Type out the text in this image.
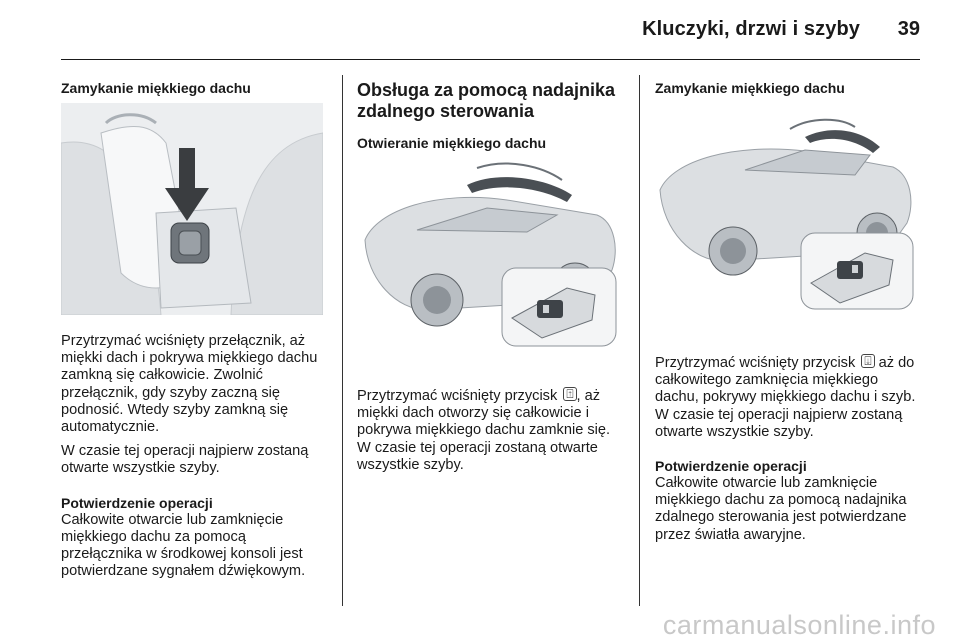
Kluczyki, drzwi i szyby	39
Zamykanie miękkiego dachu

Przytrzymać wciśnięty przełącznik, aż miękki dach i pokrywa miękkiego dachu zamkną się całkowicie. Zwolnić przełącznik, gdy szyby zaczną się podnosić. Wtedy szyby zamkną się automatycznie.

W czasie tej operacji najpierw zostaną otwarte wszystkie szyby.

Potwierdzenie operacji

Całkowite otwarcie lub zamknięcie miękkiego dachu za pomocą przełącznika w środkowej konsoli jest potwierdzane sygnałem dźwiękowym.

Obsługa za pomocą nadajnika zdalnego sterowania
Otwieranie miękkiego dachu

Przytrzymać wciśnięty przycisk ⍐ , aż miękki dach otworzy się całkowicie i pokrywa miękkiego dachu zamknie się. W czasie tej operacji zostaną otwarte wszystkie szyby.

Zamykanie miękkiego dachu

Przytrzymać wciśnięty przycisk ⍗ aż do całkowitego zamknięcia miękkiego dachu, pokrywy miękkiego dachu i szyb. W czasie tej operacji najpierw zostaną otwarte wszystkie szyby.

Potwierdzenie operacji

Całkowite otwarcie lub zamknięcie miękkiego dachu za pomocą nadajnika zdalnego sterowania jest potwierdzane przez światła awaryjne.

carmanualsonline.info
